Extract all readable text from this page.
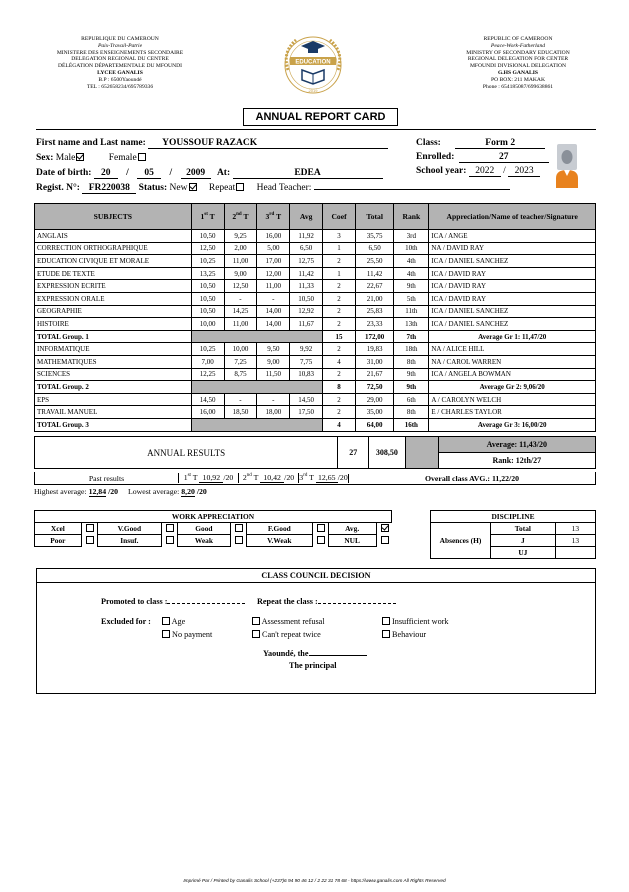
REPUBLIQUE DU CAMEROUN
Paix-Travail-Patrie
MINISTERE DES ENSEIGNEMENTS SECONDAIRE
DELEGATION REGIONAL DU CENTRE
DÉLÉGATION DÉPARTEMENTALE DU MFOUNDI
LYCEE GANALIS
B.P : 6500Yaoundé
TEL : 652658234/695789336
REPUBLIC OF CAMEROON
Peace-Work-Fatherland
MINISTRY OF SECONDARY EDUCATION
REGIONAL DELEGATION FOR CENTER
MFOUNDI DIVISIONAL DELEGATION
G.HS GANALIS
PO BOX: 211 MAKAK
Phone : 654185087/699638861
EDUCATION
2019
ANNUAL REPORT CARD
First name and Last name: YOUSSOUF RAZACK
Sex: Male	Female
Date of birth: 20 / 05 / 2009 At:	EDEA
Regist. N°: FR220038 Status: New Repeat Head Teacher:
Class:	Form 2
Enrolled:	27
School year: 2022 / 2023
SUBJECTS	1st T	2nd T	3rd T	Avg	Coef	Total	Rank	Appreciation/Name of teacher/Signature
ANGLAIS	10,50	9,25	16,00	11,92	3	35,75	3rd	ICA / ANGE
CORRECTION ORTHOGRAPHIQUE	12,50	2,00	5,00	6,50	1	6,50	10th	NA / DAVID RAY
EDUCATION CIVIQUE ET MORALE	10,25	11,00	17,00	12,75	2	25,50	4th	ICA / DANIEL SANCHEZ
ETUDE DE TEXTE	13,25	9,00	12,00	11,42	1	11,42	4th	ICA / DAVID RAY
EXPRESSION ECRITE	10,50	12,50	11,00	11,33	2	22,67	9th	ICA / DAVID RAY
EXPRESSION ORALE	10,50	-	-	10,50	2	21,00	5th	ICA / DAVID RAY
GEOGRAPHIE	10,50	14,25	14,00	12,92	2	25,83	11th	ICA / DANIEL SANCHEZ
HISTOIRE	10,00	11,00	14,00	11,67	2	23,33	13th	ICA / DANIEL SANCHEZ
TOTAL Group. 1					15	172,00	7th	Average Gr 1: 11,47/20
INFORMATIQUE	10,25	10,00	9,50	9,92	2	19,83	18th	NA / ALICE HILL
MATHEMATIQUES	7,00	7,25	9,00	7,75	4	31,00	8th	NA / CAROL WARREN
SCIENCES	12,25	8,75	11,50	10,83	2	21,67	9th	ICA / ANGELA BOWMAN
TOTAL Group. 2					8	72,50	9th	Average Gr 2: 9,06/20
EPS	14,50	-	-	14,50	2	29,00	6th	A / CAROLYN WELCH
TRAVAIL MANUEL	16,00	18,50	18,00	17,50	2	35,00	8th	E / CHARLES TAYLOR
TOTAL Group. 3					4	64,00	16th	Average Gr 3: 16,00/20
ANNUAL RESULTS	27	308,50		Average: 11,43/20
Rank: 12th/27
Past results	1st T 10,92 /20	2nd T 10,42 /20 3rd T 12,65 /20	Overall class AVG.: 11,22/20
Highest average: 12,84 /20 Lowest average: 8,20 /20
WORK APPRECIATION									
Xcel		V.Good		Good		F.Good		Avg.	
Poor		Insuf.		Weak		V.Weak		NUL	
DISCIPLINE		
Absences (H)	Total	13
	J	13
	UJ	
CLASS COUNCIL DECISION
Promoted to class :	Repeat the class :
Excluded for :	Age
No payment
Assessment refusal
Can't repeat twice
Insufficient work
Behaviour
Yaoundé, the
The principal
Imprimé Par / Printed by Ganalis School (+237)6 94 90 46 12 / 2 22 31 78 68 - https://www.ganalis.com All Rights Reserved
